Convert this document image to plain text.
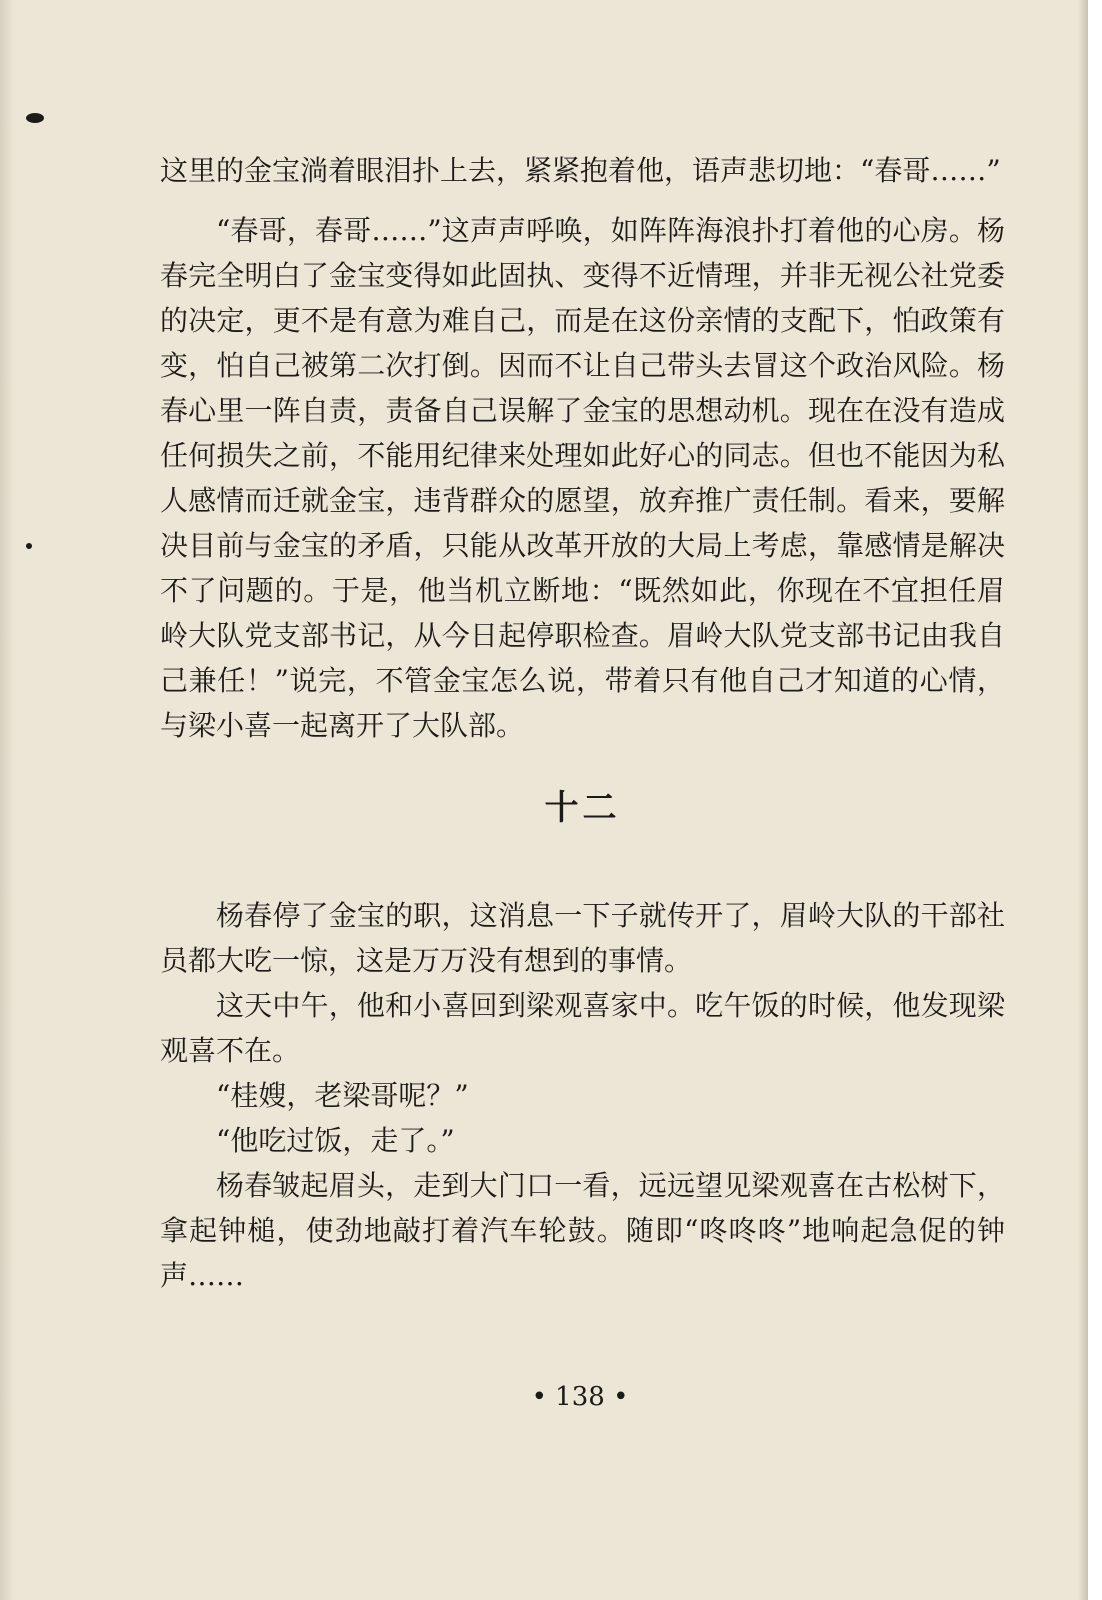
这里的金宝淌着眼泪扑上去，紧紧抱着他，语声悲切地：“春哥……”

“春哥，春哥……”这声声呼唤，如阵阵海浪扑打着他的心房。杨春完全明白了金宝变得如此固执、变得不近情理，并非无视公社党委的决定，更不是有意为难自己，而是在这份亲情的支配下，怕政策有变，怕自己被第二次打倒。因而不让自己带头去冒这个政治风险。杨春心里一阵自责，责备自己误解了金宝的思想动机。现在在没有造成任何损失之前，不能用纪律来处理如此好心的同志。但也不能因为私人感情而迁就金宝，违背群众的愿望，放弃推广责任制。看来，要解决目前与金宝的矛盾，只能从改革开放的大局上考虑，靠感情是解决不了问题的。于是，他当机立断地：“既然如此，你现在不宜担任眉岭大队党支部书记，从今日起停职检查。眉岭大队党支部书记由我自己兼任！”说完，不管金宝怎么说，带着只有他自己才知道的心情，与梁小喜一起离开了大队部。

十二

杨春停了金宝的职，这消息一下子就传开了，眉岭大队的干部社员都大吃一惊，这是万万没有想到的事情。

这天中午，他和小喜回到梁观喜家中。吃午饭的时候，他发现梁观喜不在。

“桂嫂，老梁哥呢？”

“他吃过饭，走了。”

杨春皱起眉头，走到大门口一看，远远望见梁观喜在古松树下，拿起钟槌，使劲地敲打着汽车轮鼓。随即“咚咚咚”地响起急促的钟声……

• 138 •
